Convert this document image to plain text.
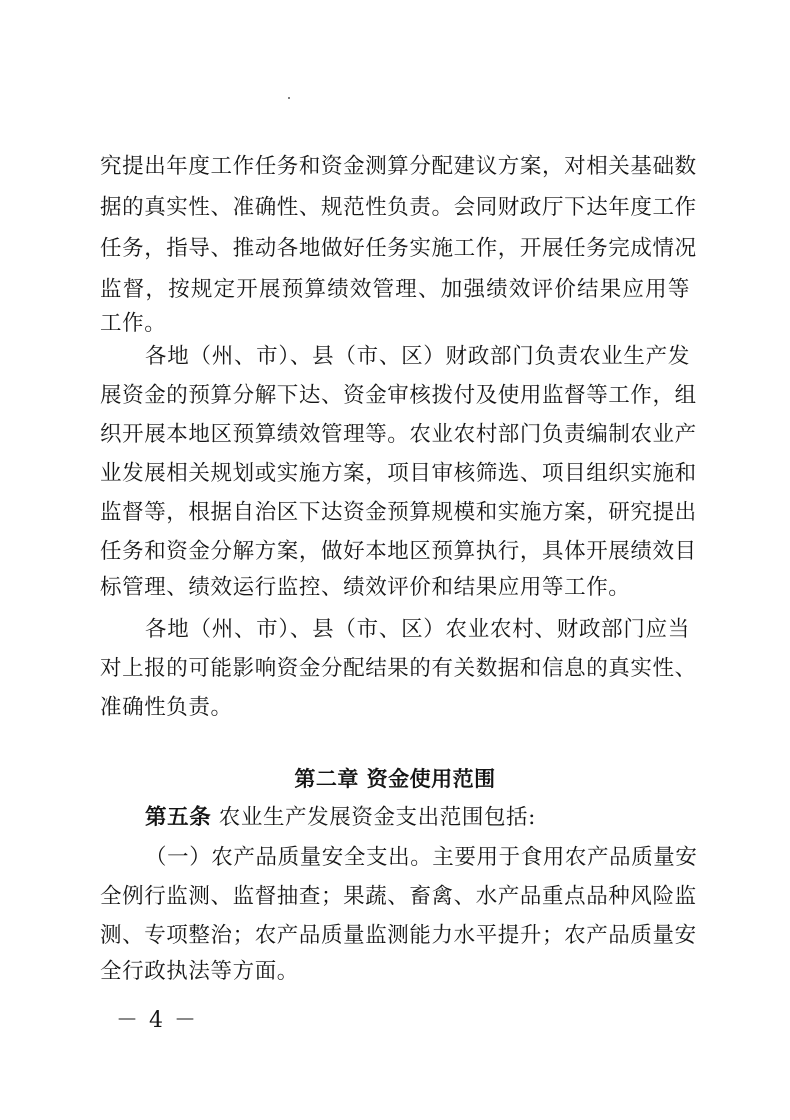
究提出年度工作任务和资金测算分配建议方案，对相关基础数
据的真实性、准确性、规范性负责。会同财政厅下达年度工作
任务，指导、推动各地做好任务实施工作，开展任务完成情况
监督，按规定开展预算绩效管理、加强绩效评价结果应用等
工作。
各地（州、市）、县（市、区）财政部门负责农业生产发
展资金的预算分解下达、资金审核拨付及使用监督等工作，组
织开展本地区预算绩效管理等。农业农村部门负责编制农业产
业发展相关规划或实施方案，项目审核筛选、项目组织实施和
监督等，根据自治区下达资金预算规模和实施方案，研究提出
任务和资金分解方案，做好本地区预算执行，具体开展绩效目
标管理、绩效运行监控、绩效评价和结果应用等工作。
各地（州、市）、县（市、区）农业农村、财政部门应当
对上报的可能影响资金分配结果的有关数据和信息的真实性、
准确性负责。
第二章 资金使用范围
第五条 农业生产发展资金支出范围包括:
（一）农产品质量安全支出。主要用于食用农产品质量安
全例行监测、监督抽查；果蔬、畜禽、水产品重点品种风险监
测、专项整治；农产品质量监测能力水平提升；农产品质量安
全行政执法等方面。
－ 4 －
